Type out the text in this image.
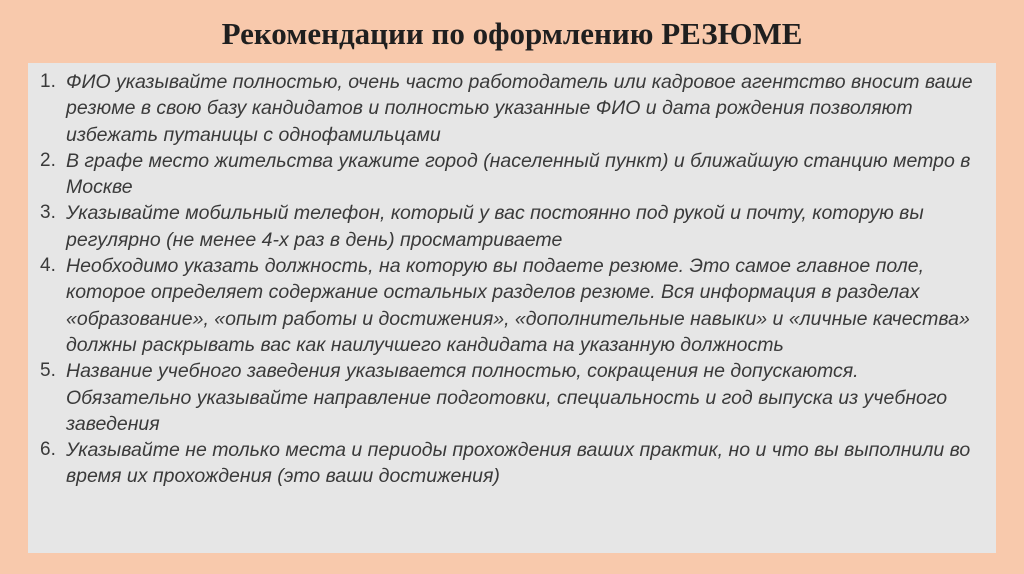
Рекомендации по оформлению РЕЗЮМЕ
1. ФИО указывайте полностью, очень часто работодатель или кадровое агентство вносит ваше резюме в свою базу кандидатов и полностью указанные ФИО и дата рождения позволяют избежать путаницы с однофамильцами
2. В графе место жительства укажите город (населенный пункт) и ближайшую станцию метро в Москве
3. Указывайте мобильный телефон, который у вас постоянно под рукой и почту, которую вы регулярно (не менее 4-х раз в день) просматриваете
4. Необходимо указать должность, на которую вы подаете резюме. Это самое главное поле, которое определяет содержание остальных разделов резюме. Вся информация в разделах «образование», «опыт работы и достижения», «дополнительные навыки» и «личные качества» должны раскрывать вас как наилучшего кандидата на указанную должность
5. Название учебного заведения указывается полностью, сокращения не допускаются. Обязательно указывайте направление подготовки, специальность и год выпуска из учебного заведения
6. Указывайте не только места и периоды прохождения ваших практик, но и что вы выполнили во время их прохождения (это ваши достижения)
